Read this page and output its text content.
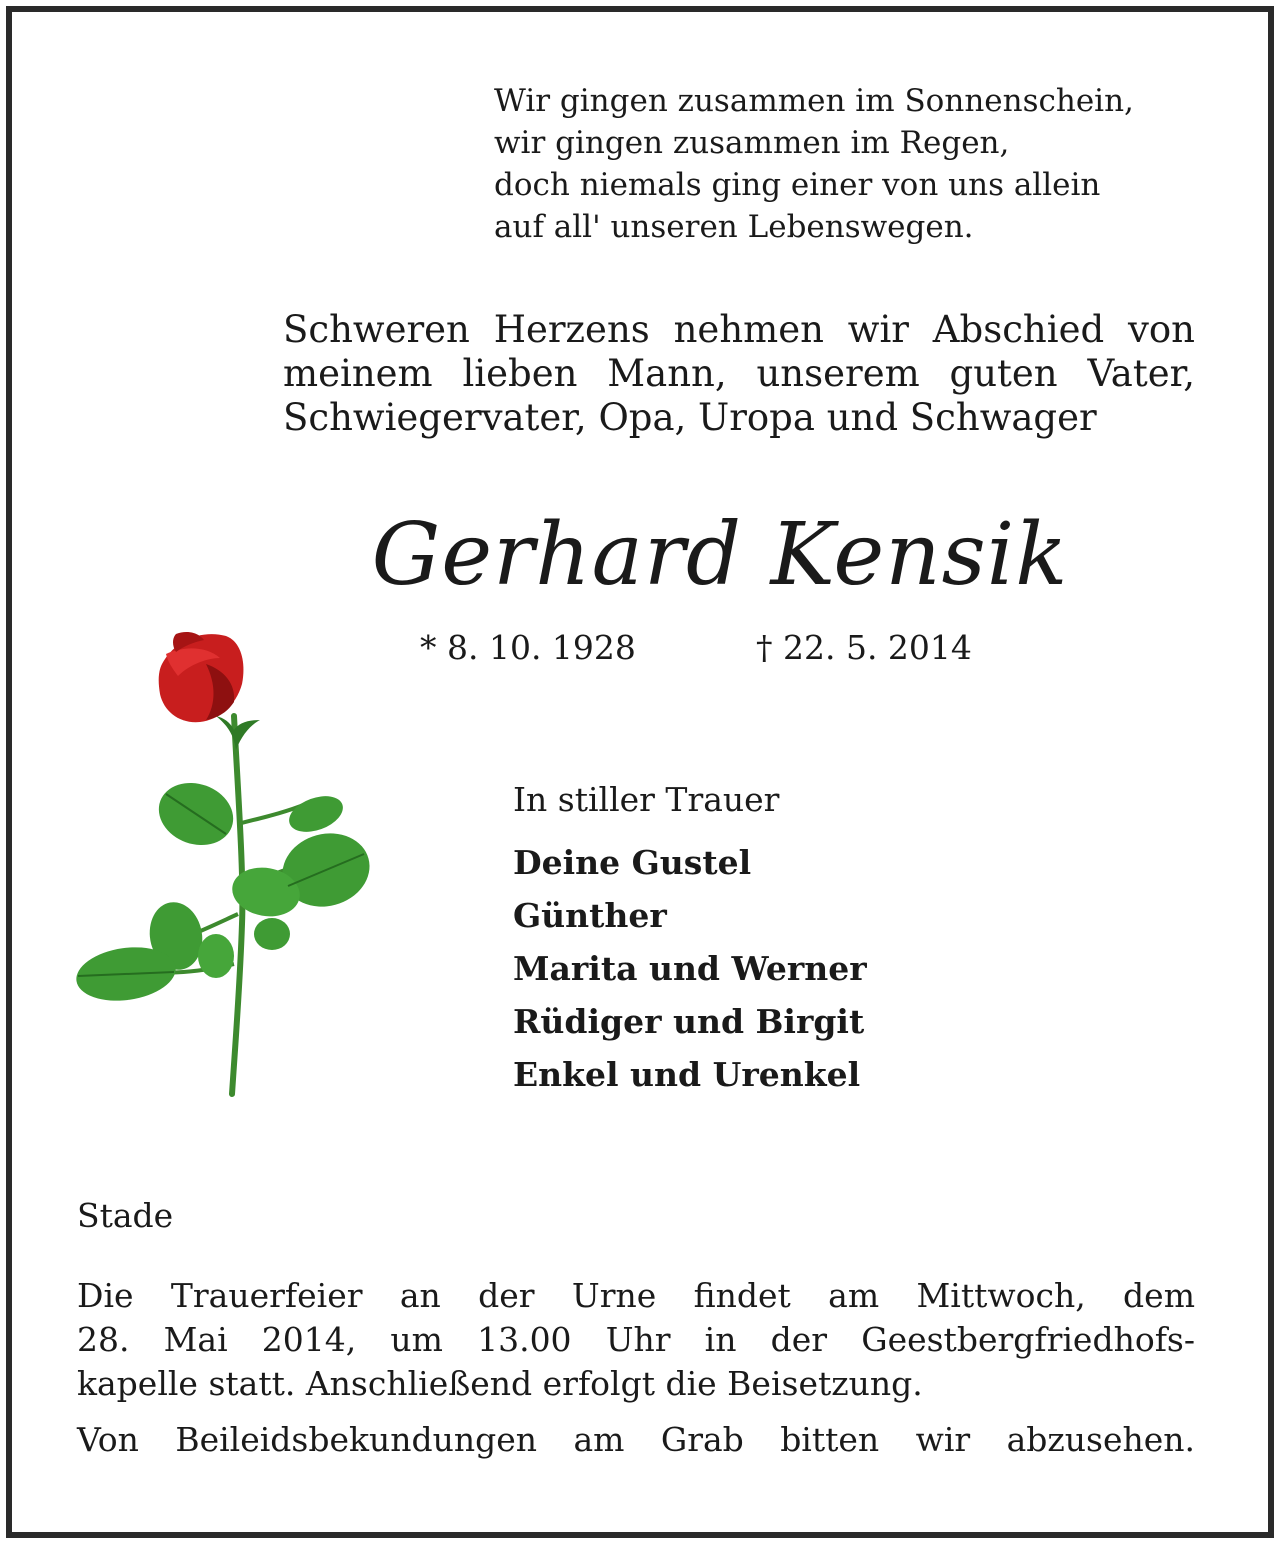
Wir gingen zusammen im Sonnenschein,
wir gingen zusammen im Regen,
doch niemals ging einer von uns allein
auf all' unseren Lebenswegen.
Schweren Herzens nehmen wir Abschied von
meinem lieben Mann, unserem guten Vater,
Schwiegervater, Opa, Uropa und Schwager
Gerhard Kensik
* 8. 10. 1928	† 22. 5. 2014
In stiller Trauer
Deine Gustel
Günther
Marita und Werner
Rüdiger und Birgit
Enkel und Urenkel
Stade
Die Trauerfeier an der Urne findet am Mittwoch, dem
28. Mai 2014, um 13.00 Uhr in der Geestbergfriedhofs-
kapelle statt. Anschließend erfolgt die Beisetzung.
Von Beileidsbekundungen am Grab bitten wir abzusehen.
